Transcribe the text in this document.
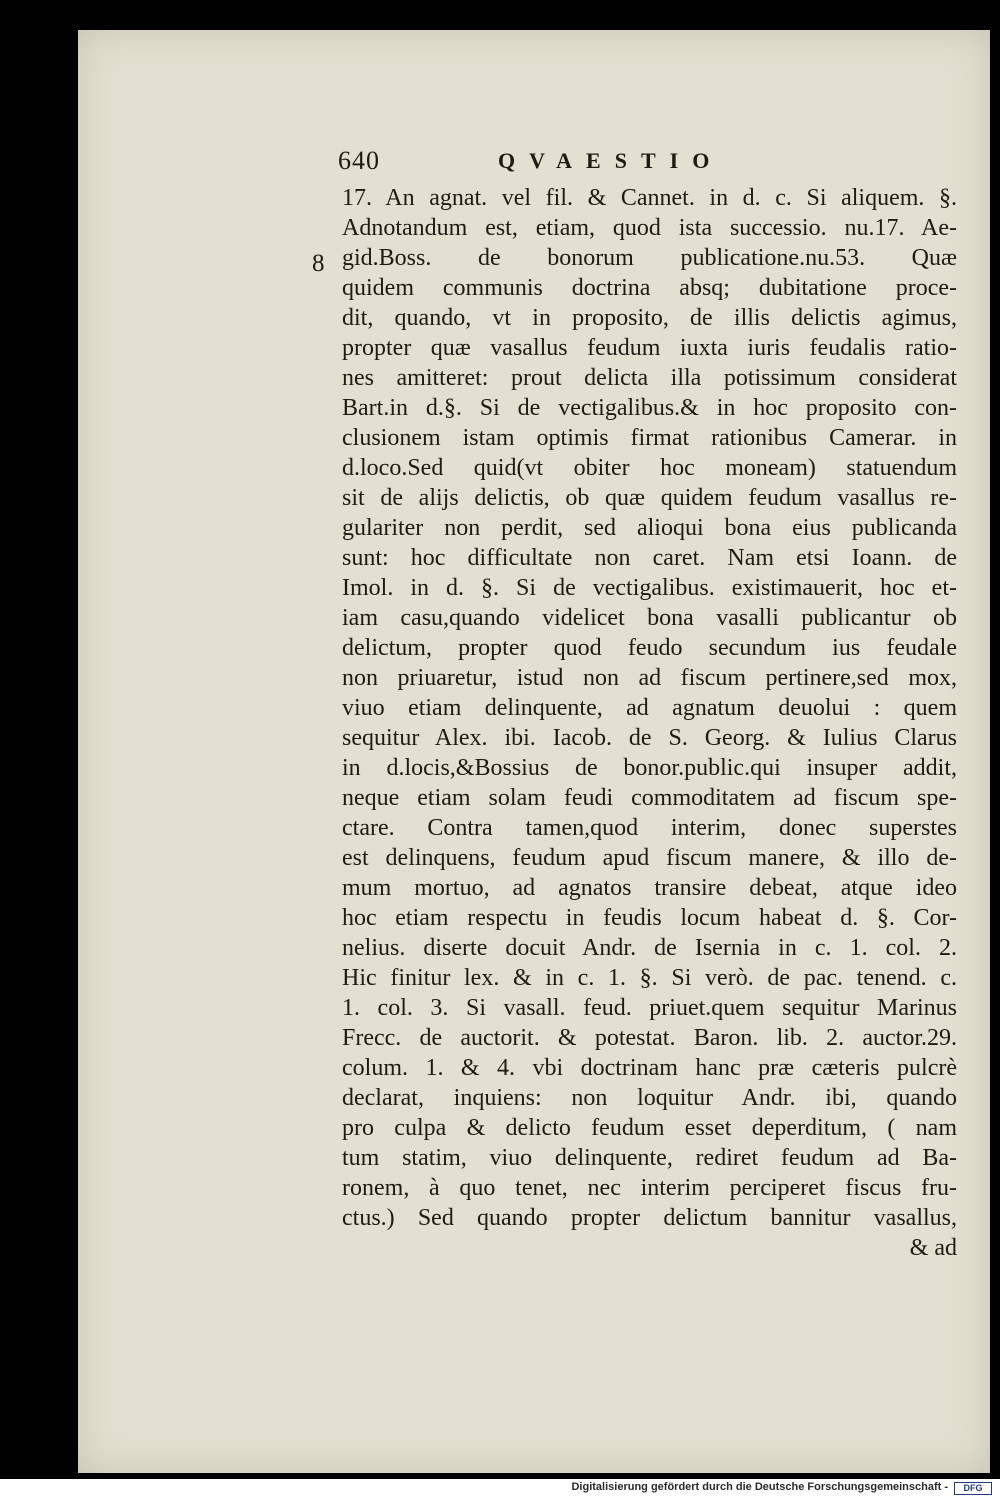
640	QVAESTIO
8
17. An agnat. vel fil. & Cannet. in d. c. Si aliquem. §.
Adnotandum est, etiam, quod ista successio. nu.17. Ae-
gid.Boss. de bonorum publicatione.nu.53. Quæ
quidem communis doctrina absq; dubitatione proce-
dit, quando, vt in proposito, de illis delictis agimus,
propter quæ vasallus feudum iuxta iuris feudalis ratio-
nes amitteret: prout delicta illa potissimum considerat
Bart.in d.§. Si de vectigalibus.& in hoc proposito con-
clusionem istam optimis firmat rationibus Camerar. in
d.loco.Sed quid(vt obiter hoc moneam) statuendum
sit de alijs delictis, ob quæ quidem feudum vasallus re-
gulariter non perdit, sed alioqui bona eius publicanda
sunt: hoc difficultate non caret. Nam etsi Ioann. de
Imol. in d. §. Si de vectigalibus. existimauerit, hoc et-
iam casu,quando videlicet bona vasalli publicantur ob
delictum, propter quod feudo secundum ius feudale
non priuaretur, istud non ad fiscum pertinere,sed mox,
viuo etiam delinquente, ad agnatum deuolui : quem
sequitur Alex. ibi. Iacob. de S. Georg. & Iulius Clarus
in d.locis,&Bossius de bonor.public.qui insuper addit,
neque etiam solam feudi commoditatem ad fiscum spe-
ctare. Contra tamen,quod interim, donec superstes
est delinquens, feudum apud fiscum manere, & illo de-
mum mortuo, ad agnatos transire debeat, atque ideo
hoc etiam respectu in feudis locum habeat d. §. Cor-
nelius. diserte docuit Andr. de Isernia in c. 1. col. 2.
Hic finitur lex. & in c. 1. §. Si verò. de pac. tenend. c.
1. col. 3. Si vasall. feud. priuet.quem sequitur Marinus
Frecc. de auctorit. & potestat. Baron. lib. 2. auctor.29.
colum. 1. & 4. vbi doctrinam hanc præ cæteris pulcrè
declarat, inquiens: non loquitur Andr. ibi, quando
pro culpa & delicto feudum esset deperditum, ( nam
tum statim, viuo delinquente, rediret feudum ad Ba-
ronem, à quo tenet, nec interim perciperet fiscus fru-
ctus.) Sed quando propter delictum bannitur vasallus,
& ad
Digitalisierung gefördert durch die Deutsche Forschungsgemeinschaft -	DFG
